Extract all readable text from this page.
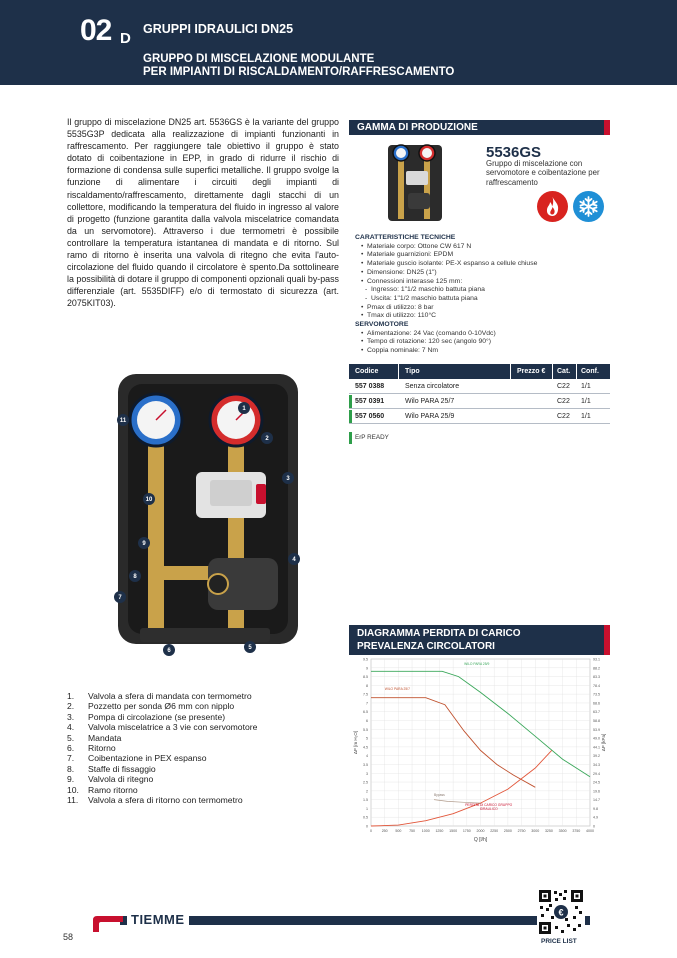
02 D
GRUPPI IDRAULICI DN25
GRUPPO DI MISCELAZIONE MODULANTE
PER IMPIANTI DI RISCALDAMENTO/RAFFRESCAMENTO

Il gruppo di miscelazione DN25 art. 5536GS è la variante del gruppo 5535G3P dedicata alla realizzazione di impianti funzionanti in raffrescamento. Per raggiungere tale obiettivo il gruppo è stato dotato di coibentazione in EPP, in grado di ridurre il rischio di formazione di condensa sulle superfici metalliche. Il gruppo svolge la funzione di alimentare i circuiti degli impianti di riscaldamento/raffrescamento, direttamente dagli stacchi di un collettore, modificando la temperatura del fluido in ingresso al valore di progetto (funzione garantita dalla valvola miscelatrice comandata da un servomotore). Attraverso i due termometri è possibile controllare la temperatura istantanea di mandata e di ritorno. Sul ramo di ritorno è inserita una valvola di ritegno che evita l'auto-circolazione del fluido quando il circolatore è spento.Da sottolineare la possibilità di dotare il gruppo di componenti opzionali quali by-pass differenziale (art. 5535DIFF) e/o di termostato di sicurezza (art. 2075KIT03).

GAMMA DI PRODUZIONE
5536GS
Gruppo di miscelazione con servomotore e coibentazione per raffrescamento
CARATTERISTICHE TECNICHE
• Materiale corpo: Ottone CW 617 N
• Materiale guarnizioni: EPDM
• Materiale guscio isolante: PE-X espanso a cellule chiuse
• Dimensione: DN25 (1")
• Connessioni interasse 125 mm:
- Ingresso: 1"1/2 maschio battuta piana
- Uscita: 1"1/2 maschio battuta piana
• Pmax di utilizzo: 8 bar
• Tmax di utilizzo: 110°C
SERVOMOTORE
• Alimentazione: 24 Vac (comando 0-10Vdc)
• Tempo di rotazione: 120 sec (angolo 90°)
• Coppia nominale: 7 Nm
Codice	Tipo	Prezzo €	Cat.	Conf.
557 0388	Senza circolatore	C22	1/1
557 0391	Wilo PARA 25/7	C22	1/1
557 0560	Wilo PARA 25/9	C22	1/1
ErP READY
1
2
3
4
5
6
7
8
9
10
11
1.	Valvola a sfera di mandata con termometro
2.	Pozzetto per sonda Ø6 mm con nipplo
3.	Pompa di circolazione (se presente)
4.	Valvola miscelatrice a 3 vie con servomotore
5.	Mandata
6.	Ritorno
7.	Coibentazione in PEX espanso
8.	Staffe di fissaggio
9.	Valvola di ritegno
10.	Ramo ritorno
11.	Valvola a sfera di ritorno con termometro
DIAGRAMMA PERDITA DI CARICO
PREVALENZA CIRCOLATORI
0	250 500 750 1000 1250 1500 1750 2000 2250 2500 2750 3000 3250 3500 3750 4000
0
0.5
1
1.5
2
2.5
3
3.5
4
4.5
5
5.5
6
6.5
7
7.5
8
8.5
9
9.5
0
4.9
9.8
14.7
19.6
24.5
29.4
34.3
39.2
44.1
49.0
53.9
58.8
63.7
68.6
73.5
78.4
83.3
88.2
93.1
Q [l/h]
ΔP [m H₂O]	ΔP [kPa]
WILO PARA 25/9
WILO PARA 25/7
Bypass
PERDITA DI CARICO GRUPPO
IDRAULICO
TIEMME
58
€
PRICE LIST
